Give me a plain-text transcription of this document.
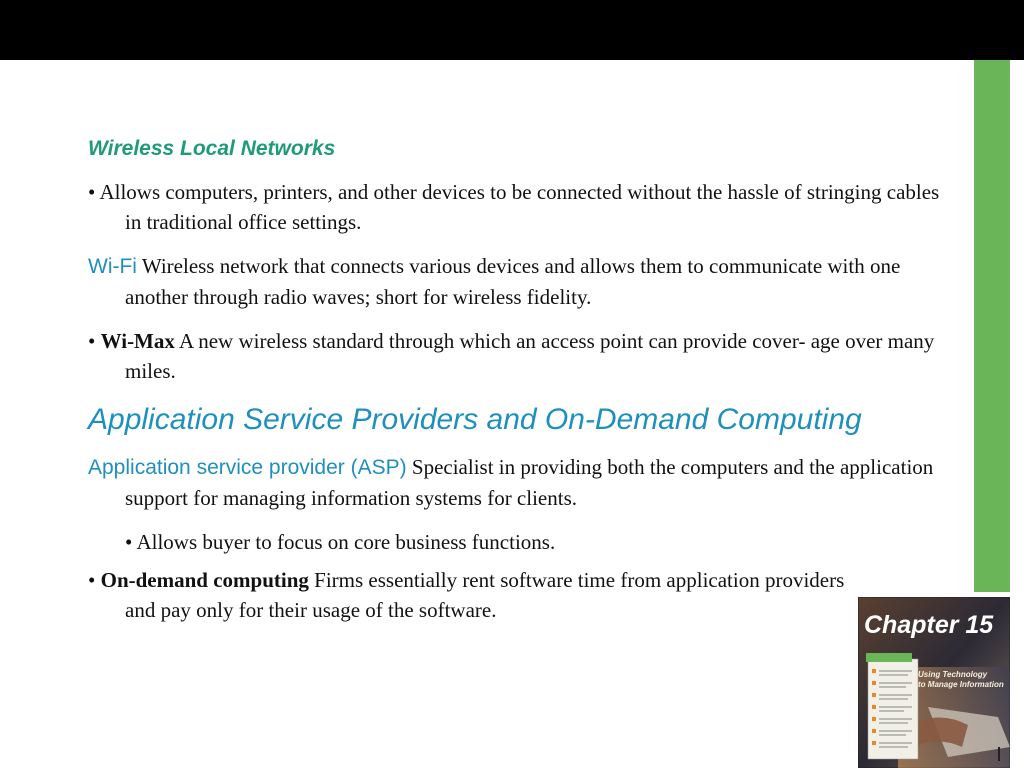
Wireless Local Networks

• Allows computers, printers, and other devices to be connected without the hassle of stringing cables in traditional office settings.

Wi-Fi Wireless network that connects various devices and allows them to communicate with one another through radio waves; short for wireless fidelity.

• Wi-Max A new wireless standard through which an access point can provide cover- age over many miles.

Application Service Providers and On-Demand Computing

Application service provider (ASP) Specialist in providing both the computers and the application support for managing information systems for clients.

• Allows buyer to focus on core business functions.

• On-demand computing Firms essentially rent software time from application providers and pay only for their usage of the software.

Chapter 15
Using Technology
to Manage Information
